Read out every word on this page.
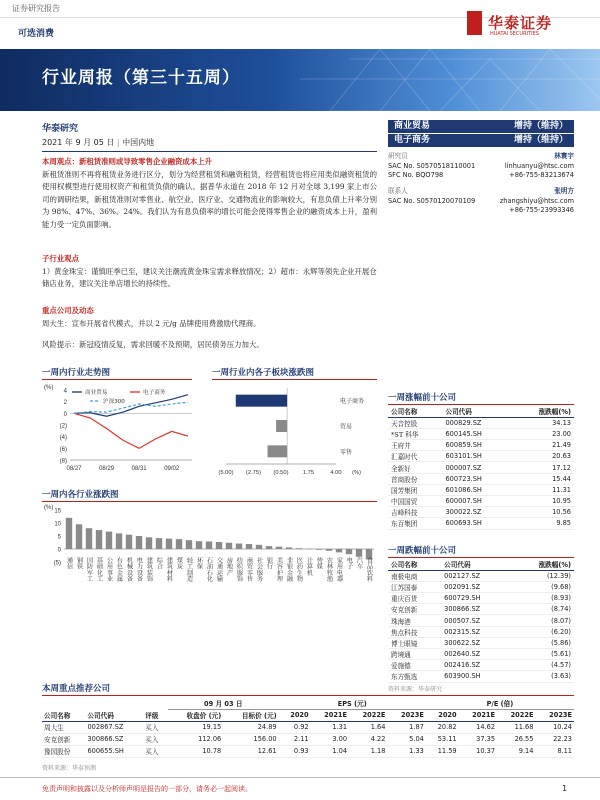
证券研究报告
可选消费
华泰证券
HUATAI SECURITIES
行业周报（第三十五周）
华泰研究
2021 年 9 月 05 日 | 中国内地
本周观点：新租赁准则或导致零售企业融资成本上升
新租赁准则不再将租赁业务进行区分，划分为经营租赁和融资租赁，经营租赁也将应用类似融资租赁的使用权模型进行使用权资产和租赁负债的确认。据普华永道在 2018 年 12 月对全球 3,199 家上市公司的调研结果，新租赁准则对零售业、航空业、医疗业、交通物流业的影响较大，有息负债上升率分别为 98%、47%、36%、24%。我们认为有息负债率的增长可能会使得零售企业的融资成本上升，盈利能力受一定负面影响。
子行业观点
1）黄金珠宝：谨慎旺季已至，建议关注潮流黄金珠宝需求释放情况；2）超市：永辉等领先企业开展仓储店业务，建议关注单店增长的持续性。
重点公司及动态
周大生：宣布开展省代模式，并以 2 元/g 品牌使用费激励代理商。
风险提示：新冠疫情反复，需求回暖不及预期，居民债务压力加大。
商业贸易	增持（维持）
电子商务	增持（维持）
研究员	林寰宇
SAC No. S0570518110001	linhuanyu@htsc.com
SFC No. BQO798	+86-755-83213674
联系人	张明方
SAC No. S0570120070109	zhangshiyu@htsc.com
+86-755-23993346
一周内行业走势图	一周行业内各子板块涨跌图
一周内各行业涨跌图
4
2
0
(2)
(4)
(6)
(8)
08/27	08/29	08/31	09/02
(%)
商业贸易	电子商务
沪深300
(5.00) (2.75) (0.50) 1.75	4.00 (%)
电子商务
贸易
零售
15
10
5
0
(5)
(%)
通信 钢铁 国防军工 基础化工 公用事业 有色金属 机械设备 电力设备 建筑装饰 综合 建筑材料 煤炭 轻工制造 环保 石油石化 交通运输 房地产 纺织服饰 商贸零售 社会服务 银行 美容护理 非银金融 医药生物 计算机 传媒 农林牧渔 家用电器 电子 汽车 食品饮料
一周涨幅前十公司
公司名称	公司代码	涨跌幅(%)
天音控股	000829.SZ	34.13
*ST 科华	600145.SH	23.00
王府井	600859.SH	21.49
汇嘉时代	603101.SH	20.63
全新好	000007.SZ	17.12
首商股份	600723.SH	15.44
国芳集团	601086.SH	11.31
中国国贸	600007.SH	10.95
吉峰科技	300022.SZ	10.56
东百集团	600693.SH	9.85
一周跌幅前十公司
公司名称	公司代码	涨跌幅(%)
南极电商	002127.SZ	(12.39)
江苏国泰	002091.SZ	(9.68)
重庆百货	600729.SH	(8.93)
安克创新	300866.SZ	(8.74)
珠海港	000507.SZ	(8.07)
焦点科技	002315.SZ	(6.20)
博士眼镜	300622.SZ	(5.86)
跨境通	002640.SZ	(5.61)
爱施德	002416.SZ	(4.57)
东方甄选	603900.SH	(3.63)
资料来源：华泰研究
本周重点推荐公司
			09 月 03 日		EPS (元)				P/E (倍)			
公司名称	公司代码	评级	收盘价 (元)	目标价 (元)	2020	2021E	2022E	2023E	2020	2021E	2022E	2023E
周大生	002867.SZ	买入	19.15	24.89	0.92	1.31	1.64	1.87	20.82	14.62	11.68	10.24
安克创新	300866.SZ	买入	112.06	156.00	2.11	3.00	4.22	5.04	53.11	37.35	26.55	22.23
豫园股份	600655.SH	买入	10.78	12.61	0.93	1.04	1.18	1.33	11.59	10.37	9.14	8.11
资料来源：华泰预测
免责声明和披露以及分析师声明是报告的一部分，请务必一起阅读。	1
